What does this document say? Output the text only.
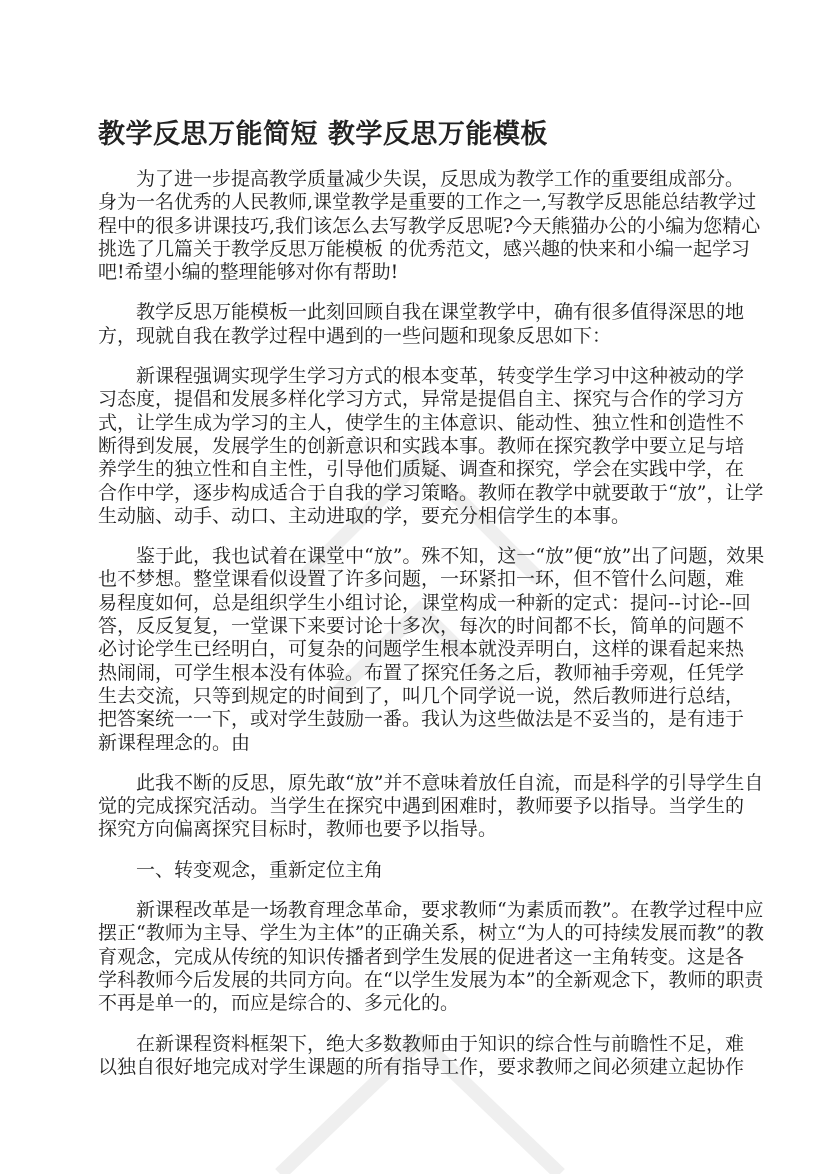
教学反思万能简短 教学反思万能模板
为了进一步提高教学质量减少失误，反思成为教学工作的重要组成部分。
身为一名优秀的人民教师,课堂教学是重要的工作之一,写教学反思能总结教学过
程中的很多讲课技巧,我们该怎么去写教学反思呢?今天熊猫办公的小编为您精心
挑选了几篇关于教学反思万能模板 的优秀范文，感兴趣的快来和小编一起学习
吧!希望小编的整理能够对你有帮助!
教学反思万能模板一此刻回顾自我在课堂教学中，确有很多值得深思的地
方，现就自我在教学过程中遇到的一些问题和现象反思如下：
新课程强调实现学生学习方式的根本变革，转变学生学习中这种被动的学
习态度，提倡和发展多样化学习方式，异常是提倡自主、探究与合作的学习方
式，让学生成为学习的主人，使学生的主体意识、能动性、独立性和创造性不
断得到发展，发展学生的创新意识和实践本事。教师在探究教学中要立足与培
养学生的独立性和自主性，引导他们质疑、调查和探究，学会在实践中学，在
合作中学，逐步构成适合于自我的学习策略。教师在教学中就要敢于“放”，让学
生动脑、动手、动口、主动进取的学，要充分相信学生的本事。
鉴于此，我也试着在课堂中“放”。殊不知，这一“放”便“放”出了问题，效果
也不梦想。整堂课看似设置了许多问题，一环紧扣一环，但不管什么问题，难
易程度如何，总是组织学生小组讨论，课堂构成一种新的定式：提问--讨论--回
答，反反复复，一堂课下来要讨论十多次，每次的时间都不长，简单的问题不
必讨论学生已经明白，可复杂的问题学生根本就没弄明白，这样的课看起来热
热闹闹，可学生根本没有体验。布置了探究任务之后，教师袖手旁观，任凭学
生去交流，只等到规定的时间到了，叫几个同学说一说，然后教师进行总结，
把答案统一一下，或对学生鼓励一番。我认为这些做法是不妥当的，是有违于
新课程理念的。由
此我不断的反思，原先敢“放”并不意味着放任自流，而是科学的引导学生自
觉的完成探究活动。当学生在探究中遇到困难时，教师要予以指导。当学生的
探究方向偏离探究目标时，教师也要予以指导。
一、转变观念，重新定位主角
新课程改革是一场教育理念革命，要求教师“为素质而教”。在教学过程中应
摆正“教师为主导、学生为主体”的正确关系，树立“为人的可持续发展而教”的教
育观念，完成从传统的知识传播者到学生发展的促进者这一主角转变。这是各
学科教师今后发展的共同方向。在“以学生发展为本”的全新观念下，教师的职责
不再是单一的，而应是综合的、多元化的。
在新课程资料框架下，绝大多数教师由于知识的综合性与前瞻性不足，难
以独自很好地完成对学生课题的所有指导工作，要求教师之间必须建立起协作
